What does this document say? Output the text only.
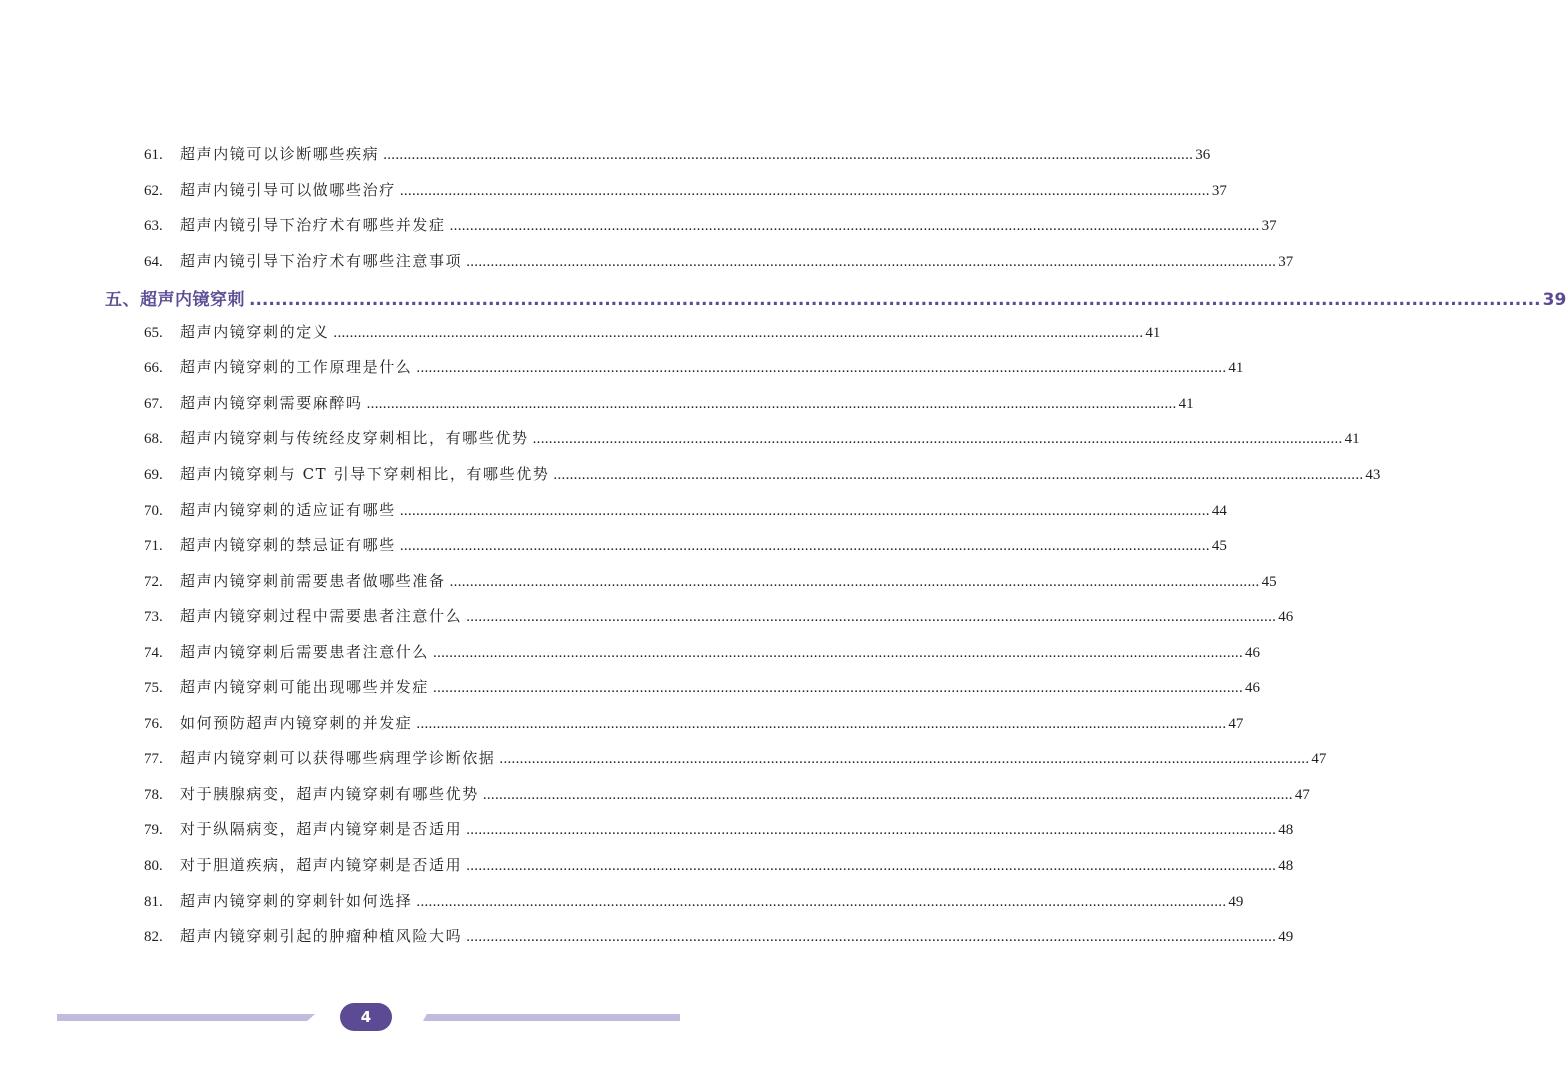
61.	超声内镜可以诊断哪些疾病 ........................................................................................................................................................................................................ 36
62.	超声内镜引导可以做哪些治疗 ........................................................................................................................................................................................................ 37
63.	超声内镜引导下治疗术有哪些并发症 ........................................................................................................................................................................................................ 37
64.	超声内镜引导下治疗术有哪些注意事项 ........................................................................................................................................................................................................ 37
五、超声内镜穿刺 ........................................................................................................................................................................................................ 39
65.	超声内镜穿刺的定义 ........................................................................................................................................................................................................ 41
66.	超声内镜穿刺的工作原理是什么 ........................................................................................................................................................................................................ 41
67.	超声内镜穿刺需要麻醉吗 ........................................................................................................................................................................................................ 41
68.	超声内镜穿刺与传统经皮穿刺相比，有哪些优势 ........................................................................................................................................................................................................ 41
69.	超声内镜穿刺与 CT 引导下穿刺相比，有哪些优势 ........................................................................................................................................................................................................ 43
70.	超声内镜穿刺的适应证有哪些 ........................................................................................................................................................................................................ 44
71.	超声内镜穿刺的禁忌证有哪些 ........................................................................................................................................................................................................ 45
72.	超声内镜穿刺前需要患者做哪些准备 ........................................................................................................................................................................................................ 45
73.	超声内镜穿刺过程中需要患者注意什么 ........................................................................................................................................................................................................ 46
74.	超声内镜穿刺后需要患者注意什么 ........................................................................................................................................................................................................ 46
75.	超声内镜穿刺可能出现哪些并发症 ........................................................................................................................................................................................................ 46
76.	如何预防超声内镜穿刺的并发症 ........................................................................................................................................................................................................ 47
77.	超声内镜穿刺可以获得哪些病理学诊断依据 ........................................................................................................................................................................................................ 47
78.	对于胰腺病变，超声内镜穿刺有哪些优势 ........................................................................................................................................................................................................ 47
79.	对于纵隔病变，超声内镜穿刺是否适用 ........................................................................................................................................................................................................ 48
80.	对于胆道疾病，超声内镜穿刺是否适用 ........................................................................................................................................................................................................ 48
81.	超声内镜穿刺的穿刺针如何选择 ........................................................................................................................................................................................................ 49
82.	超声内镜穿刺引起的肿瘤种植风险大吗 ........................................................................................................................................................................................................ 49
4
